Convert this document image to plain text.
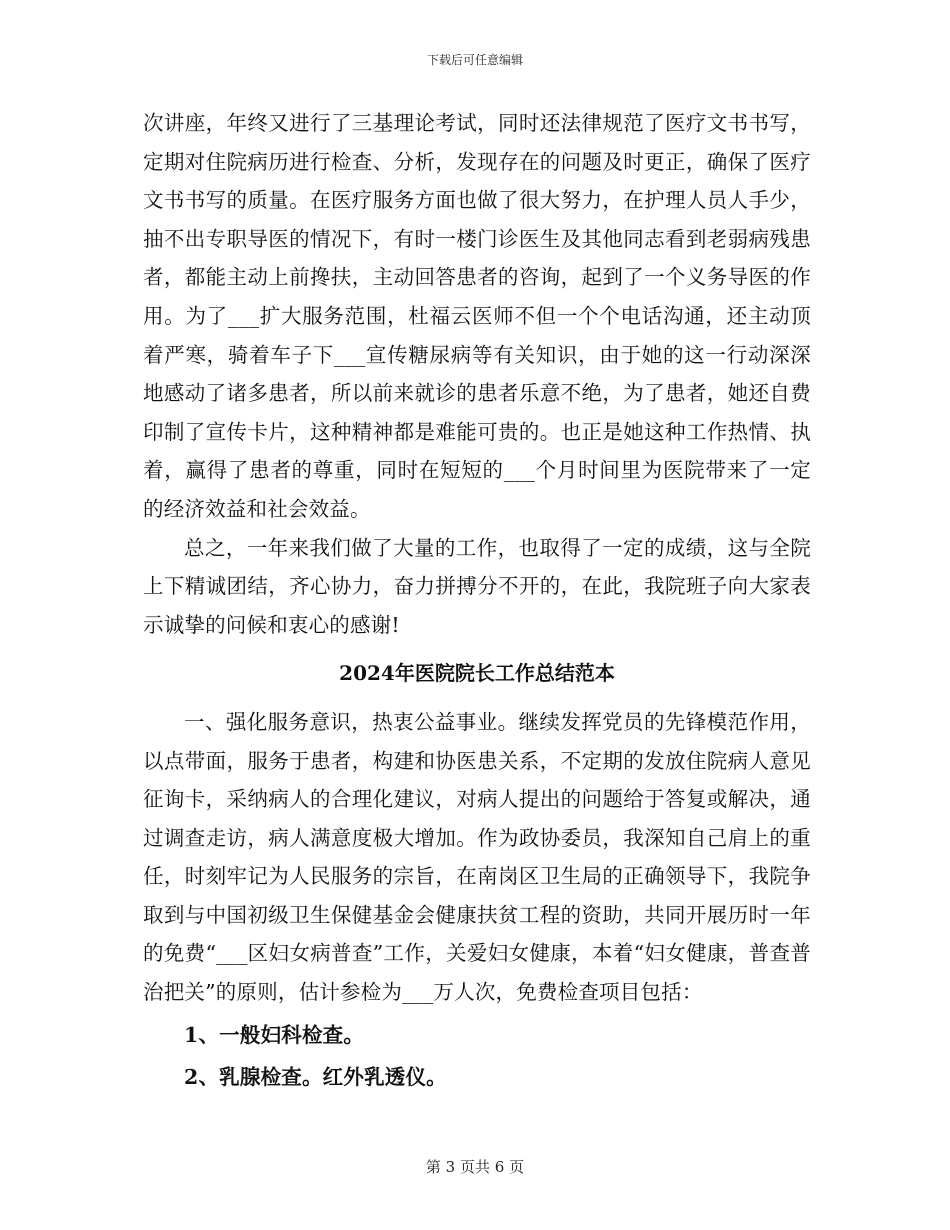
下载后可任意编辑

次讲座，年终又进行了三基理论考试，同时还法律规范了医疗文书书写，定期对住院病历进行检查、分析，发现存在的问题及时更正，确保了医疗文书书写的质量。在医疗服务方面也做了很大努力，在护理人员人手少，抽不出专职导医的情况下，有时一楼门诊医生及其他同志看到老弱病残患者，都能主动上前搀扶，主动回答患者的咨询，起到了一个义务导医的作用。为了___扩大服务范围，杜福云医师不但一个个电话沟通，还主动顶着严寒，骑着车子下___宣传糖尿病等有关知识，由于她的这一行动深深地感动了诸多患者，所以前来就诊的患者乐意不绝，为了患者，她还自费印制了宣传卡片，这种精神都是难能可贵的。也正是她这种工作热情、执着，赢得了患者的尊重，同时在短短的___个月时间里为医院带来了一定的经济效益和社会效益。

总之，一年来我们做了大量的工作，也取得了一定的成绩，这与全院上下精诚团结，齐心协力，奋力拼搏分不开的，在此，我院班子向大家表示诚挚的问候和衷心的感谢!

2024年医院院长工作总结范本

一、强化服务意识，热衷公益事业。继续发挥党员的先锋模范作用，以点带面，服务于患者，构建和协医患关系，不定期的发放住院病人意见征询卡，采纳病人的合理化建议，对病人提出的问题给于答复或解决，通过调查走访，病人满意度极大增加。作为政协委员，我深知自己肩上的重任，时刻牢记为人民服务的宗旨，在南岗区卫生局的正确领导下，我院争取到与中国初级卫生保健基金会健康扶贫工程的资助，共同开展历时一年的免费“___区妇女病普查”工作，关爱妇女健康，本着“妇女健康，普查普治把关”的原则，估计参检为___万人次，免费检查项目包括：

1、一般妇科检查。

2、乳腺检查。红外乳透仪。

第 3 页共 6 页
